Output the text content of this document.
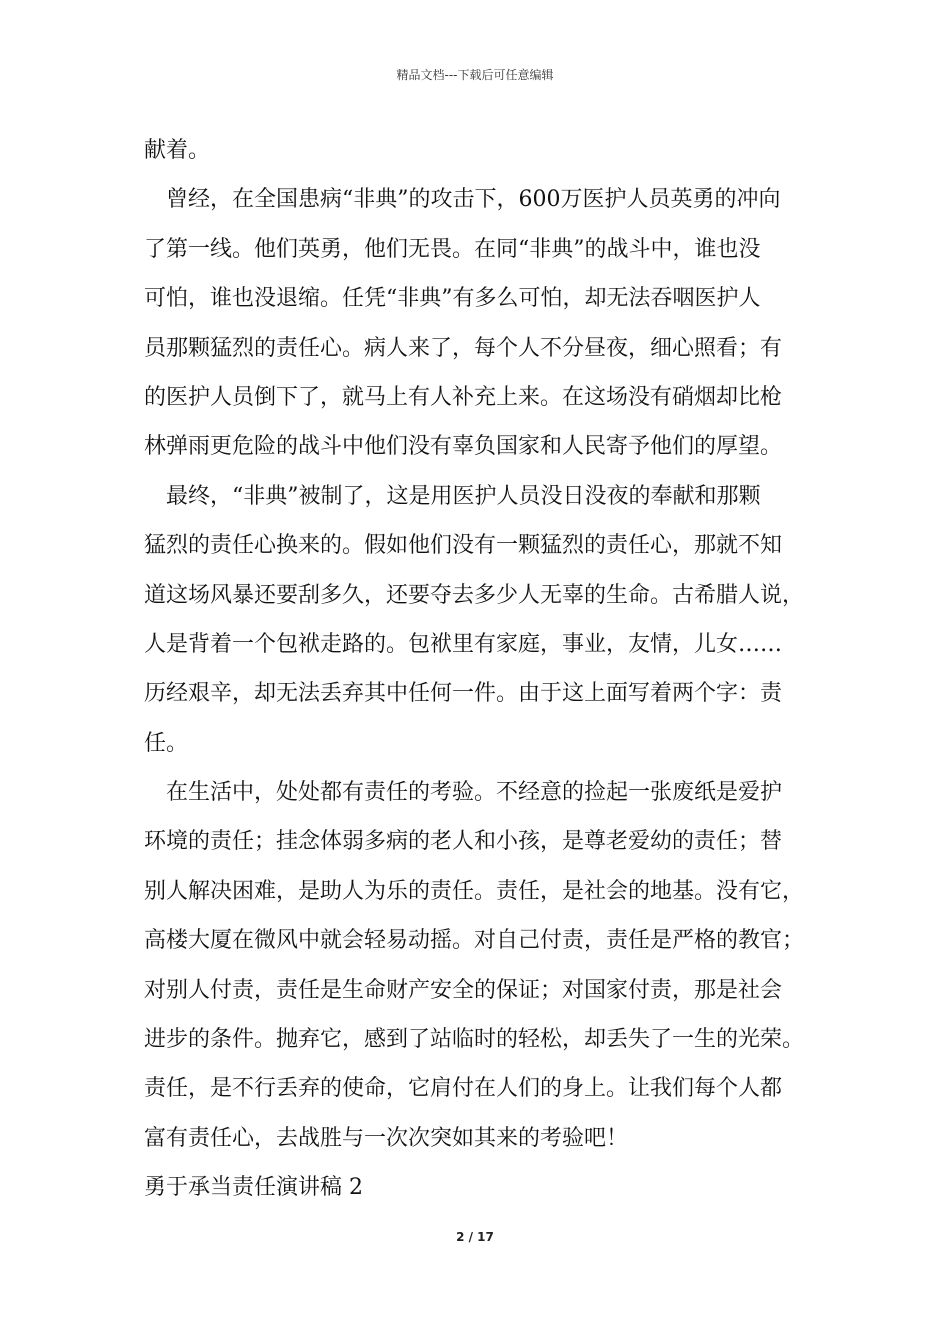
精品文档---下载后可任意编辑
献着。
曾经，在全国患病“非典”的攻击下，600万医护人员英勇的冲向
了第一线。他们英勇，他们无畏。在同“非典”的战斗中，谁也没
可怕，谁也没退缩。任凭“非典”有多么可怕，却无法吞咽医护人
员那颗猛烈的责任心。病人来了，每个人不分昼夜，细心照看；有
的医护人员倒下了，就马上有人补充上来。在这场没有硝烟却比枪
林弹雨更危险的战斗中他们没有辜负国家和人民寄予他们的厚望。
最终，“非典”被制了，这是用医护人员没日没夜的奉献和那颗
猛烈的责任心换来的。假如他们没有一颗猛烈的责任心，那就不知
道这场风暴还要刮多久，还要夺去多少人无辜的生命。古希腊人说，
人是背着一个包袱走路的。包袱里有家庭，事业，友情，儿女……
历经艰辛，却无法丢弃其中任何一件。由于这上面写着两个字：责
任。
在生活中，处处都有责任的考验。不经意的捡起一张废纸是爱护
环境的责任；挂念体弱多病的老人和小孩，是尊老爱幼的责任；替
别人解决困难，是助人为乐的责任。责任，是社会的地基。没有它，
高楼大厦在微风中就会轻易动摇。对自己付责，责任是严格的教官；
对别人付责，责任是生命财产安全的保证；对国家付责，那是社会
进步的条件。抛弃它，感到了站临时的轻松，却丢失了一生的光荣。
责任，是不行丢弃的使命，它肩付在人们的身上。让我们每个人都
富有责任心，去战胜与一次次突如其来的考验吧！
勇于承当责任演讲稿 2
2 / 17
